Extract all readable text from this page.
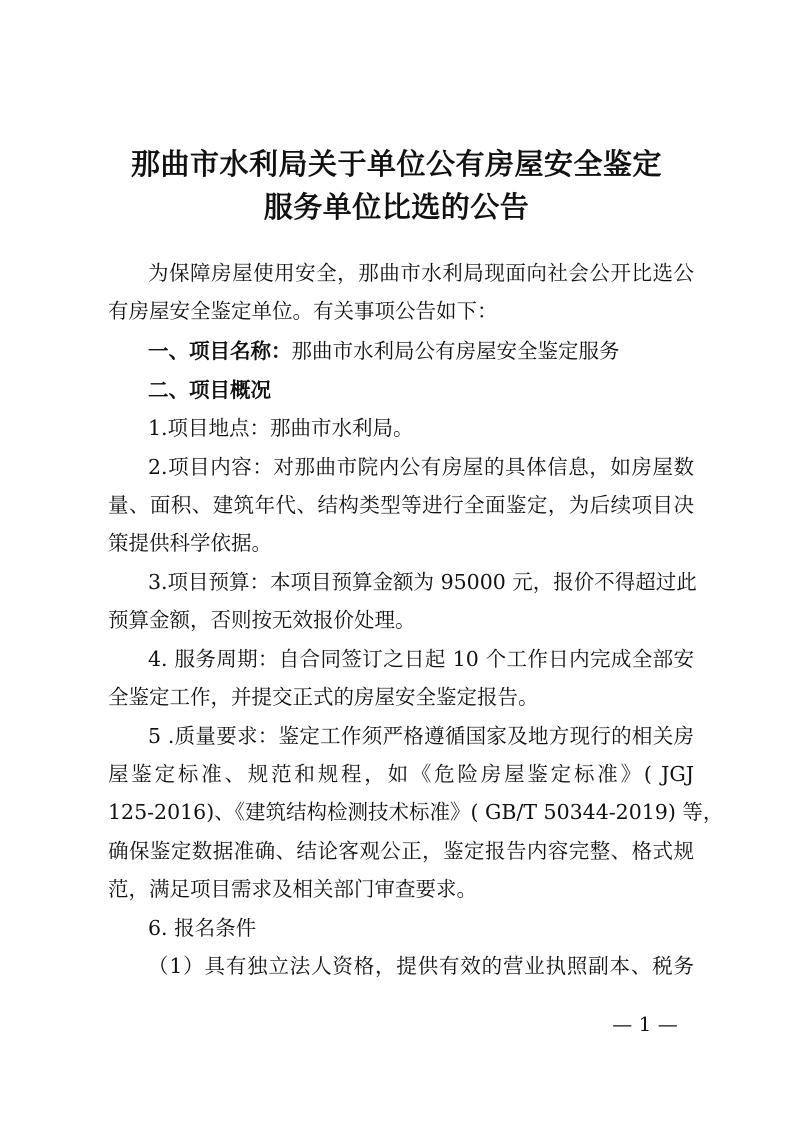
那曲市水利局关于单位公有房屋安全鉴定
服务单位比选的公告
为保障房屋使用安全，那曲市水利局现面向社会公开比选公
有房屋安全鉴定单位。有关事项公告如下：
一、项目名称：那曲市水利局公有房屋安全鉴定服务
二、项目概况
1.项目地点：那曲市水利局。
2.项目内容：对那曲市院内公有房屋的具体信息，如房屋数
量、面积、建筑年代、结构类型等进行全面鉴定，为后续项目决
策提供科学依据。
3.项目预算：本项目预算金额为 95000 元，报价不得超过此
预算金额，否则按无效报价处理。
4. 服务周期：自合同签订之日起 10 个工作日内完成全部安
全鉴定工作，并提交正式的房屋安全鉴定报告。
5 .质量要求：鉴定工作须严格遵循国家及地方现行的相关房
屋鉴定标准、规范和规程，如《危险房屋鉴定标准》( JGJ
125-2016)、《建筑结构检测技术标准》( GB/T 50344-2019) 等，
确保鉴定数据准确、结论客观公正，鉴定报告内容完整、格式规
范，满足项目需求及相关部门审查要求。
6. 报名条件
（1）具有独立法人资格，提供有效的营业执照副本、税务
— 1 —
